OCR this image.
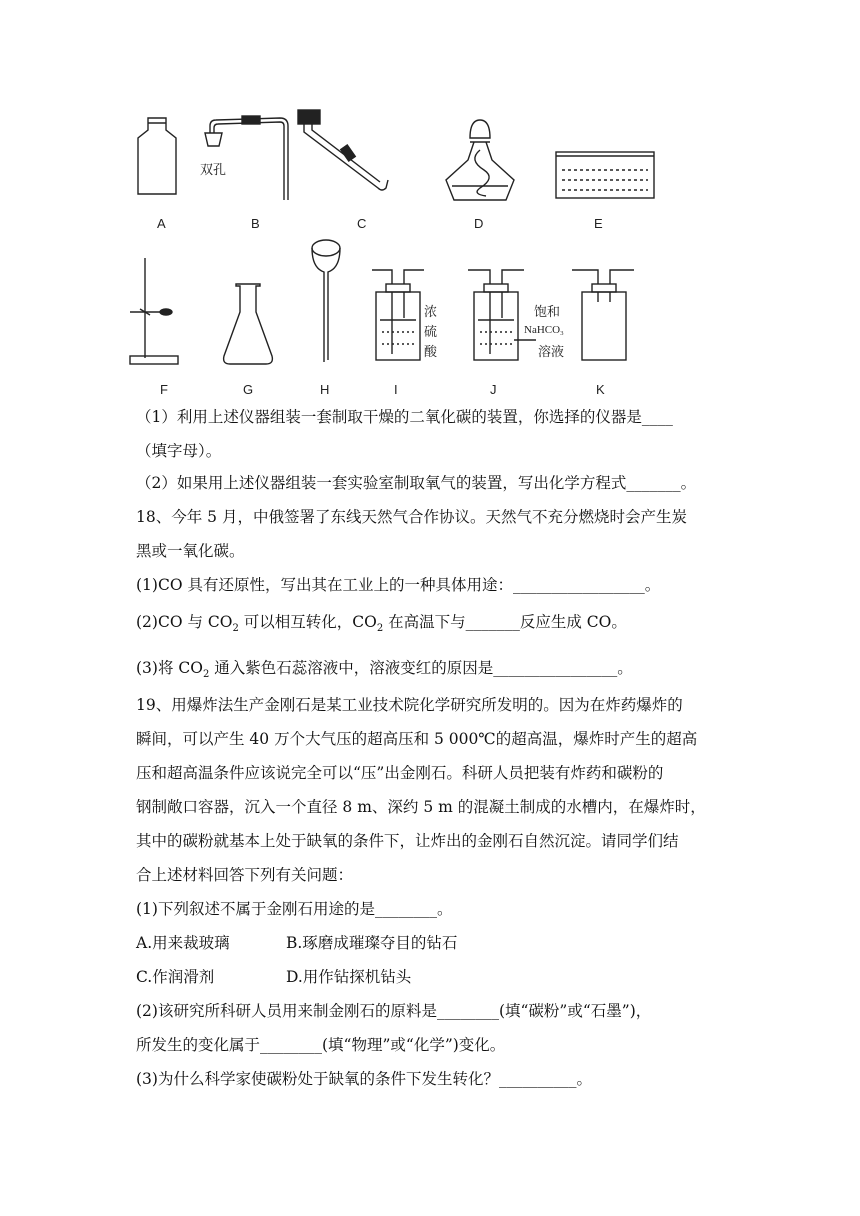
双孔
浓
硫
酸
饱和
NaHCO₃
溶液
A	B	C	D	E
F	G	H	I	J	K
（1）利用上述仪器组装一套制取干燥的二氧化碳的装置，你选择的仪器是____
（填字母）。
（2）如果用上述仪器组装一套实验室制取氧气的装置，写出化学方程式_______。
18、今年 5 月，中俄签署了东线天然气合作协议。天然气不充分燃烧时会产生炭
黑或一氧化碳。
(1)CO 具有还原性，写出其在工业上的一种具体用途：_________________。
(2)CO 与 $CO_2$ 可以相互转化，$CO_2$ 在高温下与_______反应生成 CO。
(3)将 $CO_2$ 通入紫色石蕊溶液中，溶液变红的原因是________________。
19、用爆炸法生产金刚石是某工业技术院化学研究所发明的。因为在炸药爆炸的
瞬间，可以产生 40 万个大气压的超高压和 5 000℃的超高温，爆炸时产生的超高
压和超高温条件应该说完全可以“压”出金刚石。科研人员把装有炸药和碳粉的
钢制敞口容器，沉入一个直径 8 m、深约 5 m 的混凝土制成的水槽内，在爆炸时，
其中的碳粉就基本上处于缺氧的条件下，让炸出的金刚石自然沉淀。请同学们结
合上述材料回答下列有关问题：
(1)下列叙述不属于金刚石用途的是________。
A.用来裁玻璃	B.琢磨成璀璨夺目的钻石
C.作润滑剂	D.用作钻探机钻头
(2)该研究所科研人员用来制金刚石的原料是________(填“碳粉”或“石墨”)，
所发生的变化属于________(填“物理”或“化学”)变化。
(3)为什么科学家使碳粉处于缺氧的条件下发生转化？__________。
